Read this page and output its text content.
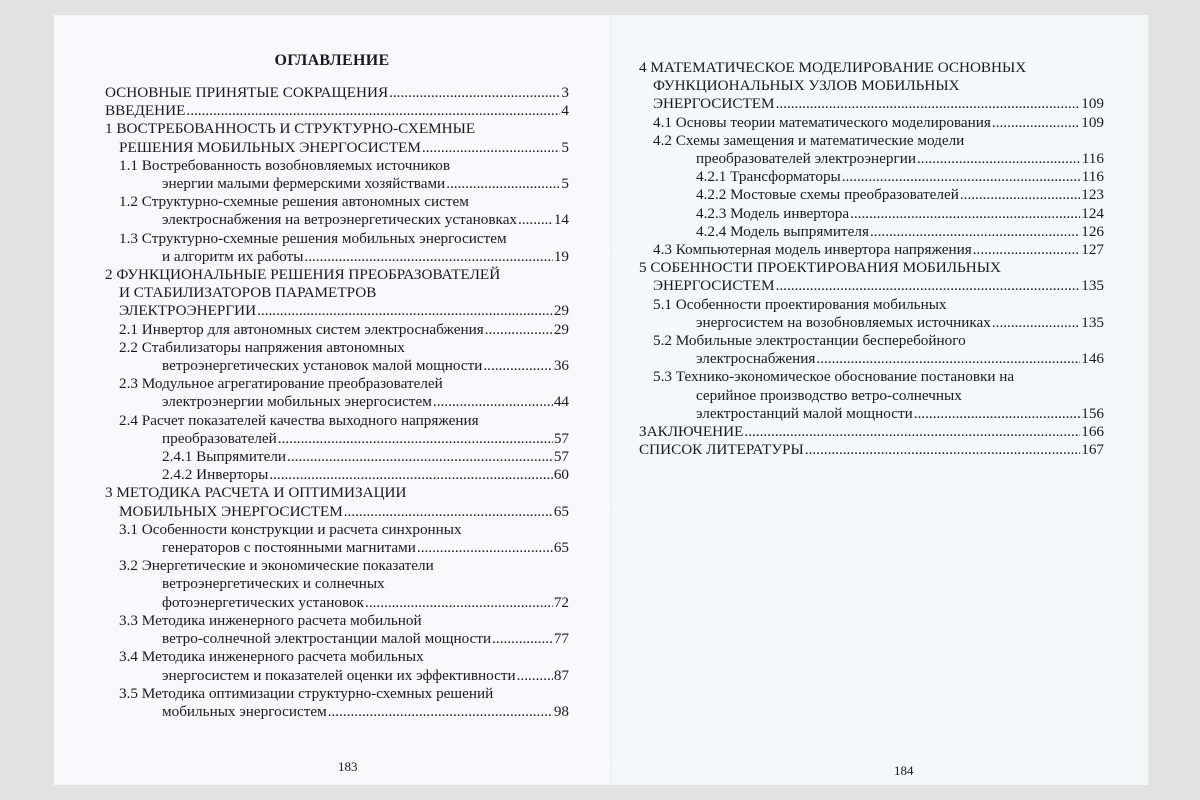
ОГЛАВЛЕНИЕ
ОСНОВНЫЕ ПРИНЯТЫЕ СОКРАЩЕНИЯ .....	3
ВВЕДЕНИЕ .....	4
1 ВОСТРЕБОВАННОСТЬ И СТРУКТУРНО-СХЕМНЫЕ
РЕШЕНИЯ МОБИЛЬНЫХ ЭНЕРГОСИСТЕМ .....	5
1.1 Востребованность возобновляемых источников
энергии малыми фермерскими хозяйствами .....	5
1.2 Структурно-схемные решения автономных систем
электроснабжения на ветроэнергетических установках ..... 14
1.3 Структурно-схемные решения мобильных энергосистем
и алгоритм их работы .....	19
2 ФУНКЦИОНАЛЬНЫЕ РЕШЕНИЯ ПРЕОБРАЗОВАТЕЛЕЙ
И СТАБИЛИЗАТОРОВ ПАРАМЕТРОВ
ЭЛЕКТРОЭНЕРГИИ .....	29
2.1 Инвертор для автономных систем электроснабжения .....	29
2.2 Стабилизаторы напряжения автономных
ветроэнергетических установок малой мощности .....	36
2.3 Модульное агрегатирование преобразователей
электроэнергии мобильных энергосистем .....	44
2.4 Расчет показателей качества выходного напряжения
преобразователей .....	57
2.4.1 Выпрямители .....	57
2.4.2 Инверторы .....	60
3 МЕТОДИКА РАСЧЕТА И ОПТИМИЗАЦИИ
МОБИЛЬНЫХ ЭНЕРГОСИСТЕМ .....	65
3.1 Особенности конструкции и расчета синхронных
генераторов с постоянными магнитами .....	65
3.2 Энергетические и экономические показатели
ветроэнергетических и солнечных
фотоэнергетических установок .....	72
3.3 Методика инженерного расчета мобильной
ветро-солнечной электростанции малой мощности .....	77
3.4 Методика инженерного расчета мобильных
энергосистем и показателей оценки их эффективности .....	87
3.5 Методика оптимизации структурно-схемных решений
мобильных энергосистем .....	98
4 МАТЕМАТИЧЕСКОЕ МОДЕЛИРОВАНИЕ ОСНОВНЫХ
ФУНКЦИОНАЛЬНЫХ УЗЛОВ МОБИЛЬНЫХ
ЭНЕРГОСИСТЕМ .....	109
4.1 Основы теории математического моделирования .....	109
4.2 Схемы замещения и математические модели
преобразователей электроэнергии .....	116
4.2.1 Трансформаторы .....	116
4.2.2 Мостовые схемы преобразователей .....	123
4.2.3 Модель инвертора .....	124
4.2.4 Модель выпрямителя .....	126
4.3 Компьютерная модель инвертора напряжения .....	127
5 СОБЕННОСТИ ПРОЕКТИРОВАНИЯ МОБИЛЬНЫХ
ЭНЕРГОСИСТЕМ .....	135
5.1 Особенности проектирования мобильных
энергосистем на возобновляемых источниках .....	135
5.2 Мобильные электростанции бесперебойного
электроснабжения .....	146
5.3 Технико-экономическое обоснование постановки на
серийное производство ветро-солнечных
электростанций малой мощности .....	156
ЗАКЛЮЧЕНИЕ .....	166
СПИСОК ЛИТЕРАТУРЫ .....	167
183	184
